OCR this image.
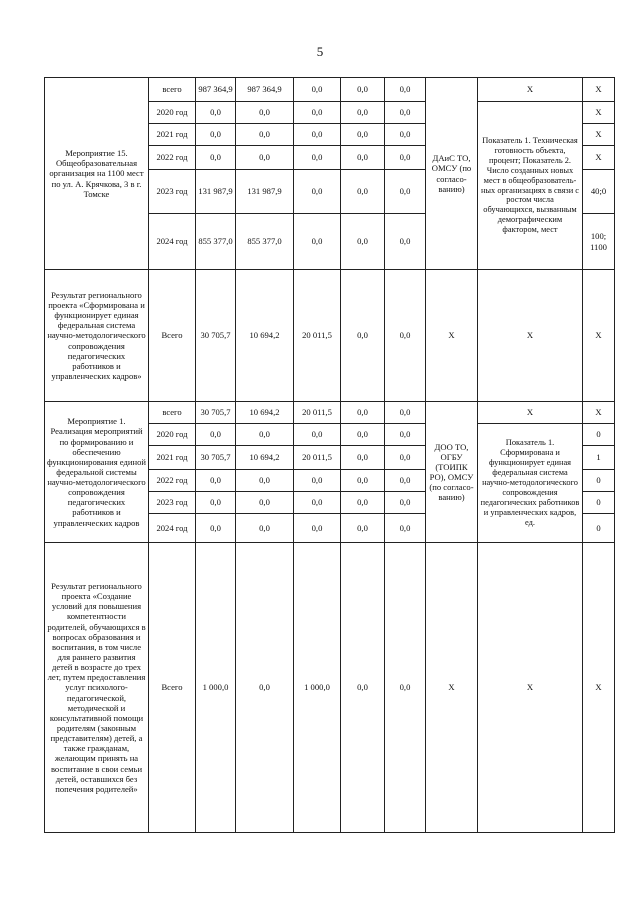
5
Мероприятие 15. Общеобразовательная организация на 1100 мест по ул. А. Крячкова, 3 в г. Томске	всего	987 364,9	987 364,9	0,0	0,0	0,0	ДАиС ТО, ОМСУ (по согласо-ванию)	Х	Х
	2020 год	0,0	0,0	0,0	0,0	0,0		Показатель 1. Техническая готовность объекта, процент; Показатель 2. Число созданных новых мест в общеобразователь-ных организациях в связи с ростом числа обучающихся, вызванным демографическим фактором, мест	Х
	2021 год	0,0	0,0	0,0	0,0	0,0			Х
	2022 год	0,0	0,0	0,0	0,0	0,0			Х
	2023 год	131 987,9	131 987,9	0,0	0,0	0,0			40;0
	2024 год	855 377,0	855 377,0	0,0	0,0	0,0			100; 1100
Результат регионального проекта «Сформирована и функционирует единая федеральная система научно-методологического сопровождения педагогических работников и управленческих кадров»	Всего	30 705,7	10 694,2	20 011,5	0,0	0,0	Х	Х	Х
Мероприятие 1. Реализация мероприятий по формированию и обеспечению функционирования единой федеральной системы научно-методологического сопровождения педагогических работников и управленческих кадров	всего	30 705,7	10 694,2	20 011,5	0,0	0,0	ДОО ТО, ОГБУ (ТОИПК РО), ОМСУ (по согласо-ванию)	Х	Х
	2020 год	0,0	0,0	0,0	0,0	0,0		Показатель 1. Сформирована и функционирует единая федеральная система научно-методологического сопровождения педагогических работников и управленческих кадров, ед.	0
	2021 год	30 705,7	10 694,2	20 011,5	0,0	0,0			1
	2022 год	0,0	0,0	0,0	0,0	0,0			0
	2023 год	0,0	0,0	0,0	0,0	0,0			0
	2024 год	0,0	0,0	0,0	0,0	0,0			0
Результат регионального проекта «Создание условий для повышения компетентности родителей, обучающихся в вопросах образования и воспитания, в том числе для раннего развития детей в возрасте до трех лет, путем предоставления услуг психолого-педагогической, методической и консультативной помощи родителям (законным представителям) детей, а также гражданам, желающим принять на воспитание в свои семьи детей, оставшихся без попечения родителей»	Всего	1 000,0	0,0	1 000,0	0,0	0,0	Х	Х	Х
